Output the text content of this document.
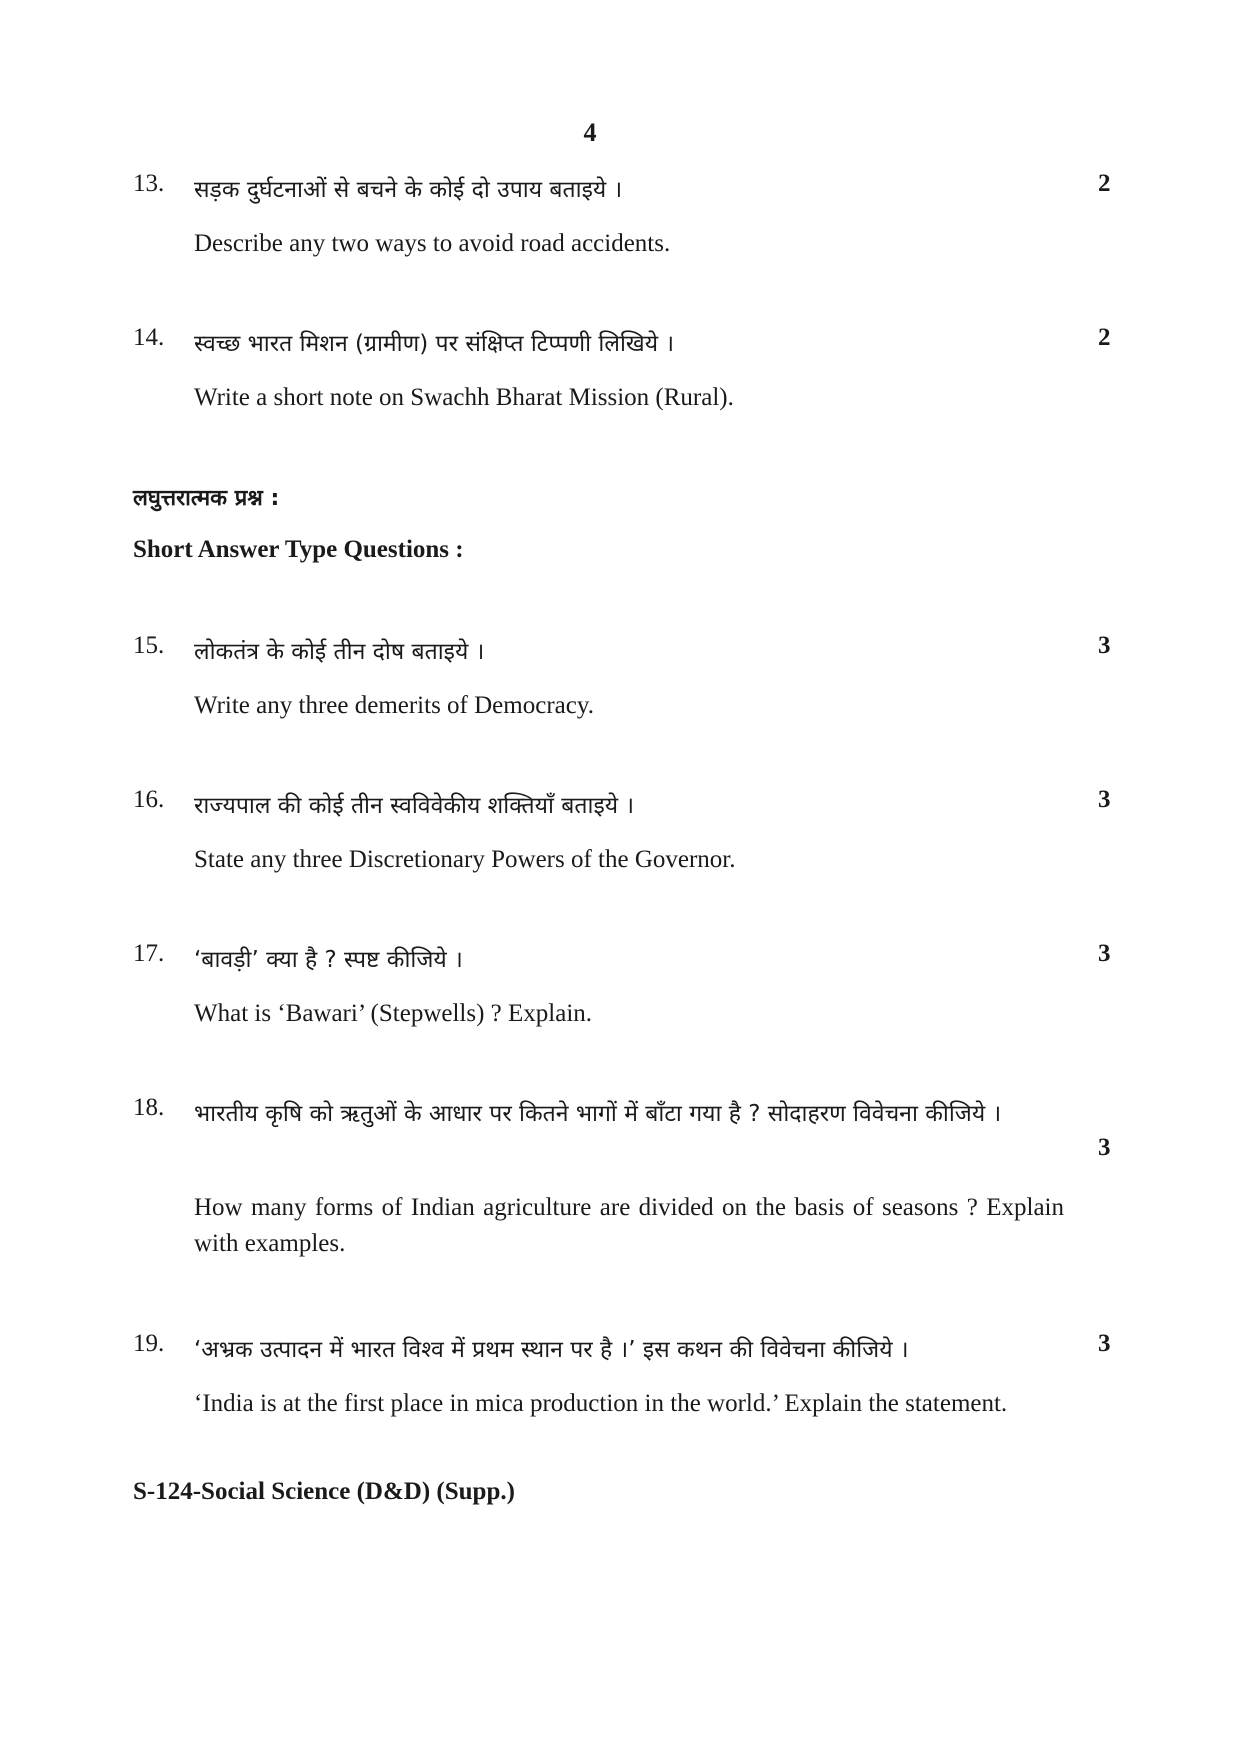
4
13.	सड़क दुर्घटनाओं से बचने के कोई दो उपाय बताइये ।	2
Describe any two ways to avoid road accidents.
14.	स्वच्छ भारत मिशन (ग्रामीण) पर संक्षिप्त टिप्पणी लिखिये ।	2
Write a short note on Swachh Bharat Mission (Rural).
लघुत्तरात्मक प्रश्न :
Short Answer Type Questions :
15.	लोकतंत्र के कोई तीन दोष बताइये ।	3
Write any three demerits of Democracy.
16.	राज्यपाल की कोई तीन स्वविवेकीय शक्तियाँ बताइये ।	3
State any three Discretionary Powers of the Governor.
17.	‘बावड़ी’ क्या है ? स्पष्ट कीजिये ।	3
What is ‘Bawari’ (Stepwells) ? Explain.
18.	भारतीय कृषि को ऋतुओं के आधार पर कितने भागों में बाँटा गया है ? सोदाहरण विवेचना कीजिये ।
3
How many forms of Indian agriculture are divided on the basis of seasons ? Explain with examples.
19.	‘अभ्रक उत्पादन में भारत विश्व में प्रथम स्थान पर है ।’ इस कथन की विवेचना कीजिये ।	3
‘India is at the first place in mica production in the world.’ Explain the statement.
S-124-Social Science (D&D) (Supp.)
